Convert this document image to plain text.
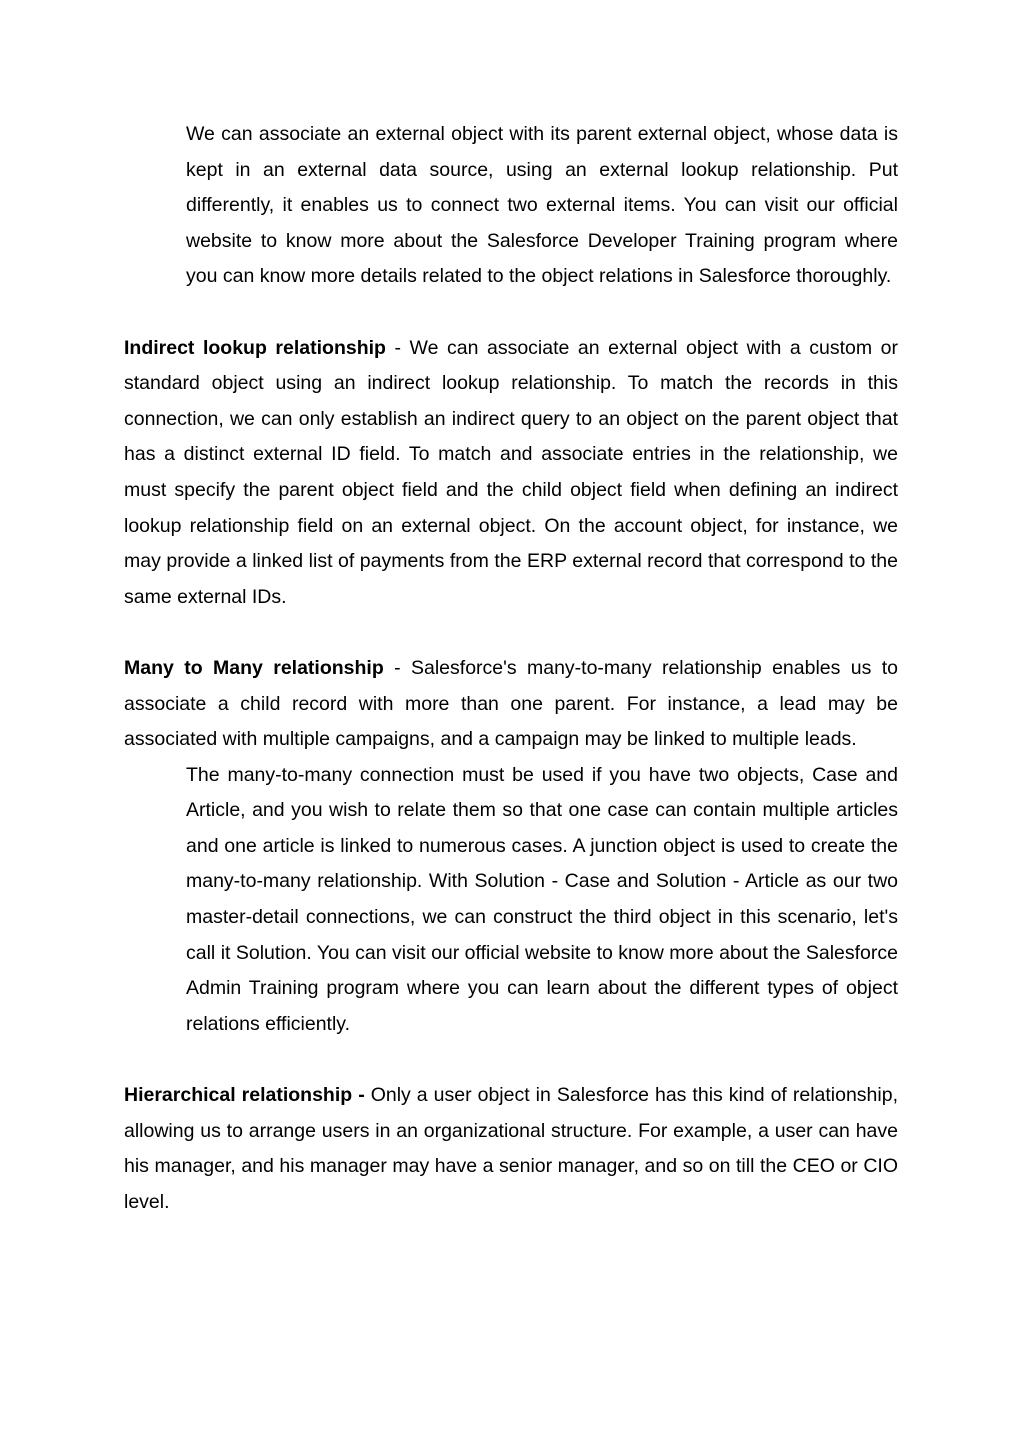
We can associate an external object with its parent external object, whose data is kept in an external data source, using an external lookup relationship. Put differently, it enables us to connect two external items. You can visit our official website to know more about the Salesforce Developer Training program where you can know more details related to the object relations in Salesforce thoroughly.

Indirect lookup relationship - We can associate an external object with a custom or standard object using an indirect lookup relationship. To match the records in this connection, we can only establish an indirect query to an object on the parent object that has a distinct external ID field. To match and associate entries in the relationship, we must specify the parent object field and the child object field when defining an indirect lookup relationship field on an external object. On the account object, for instance, we may provide a linked list of payments from the ERP external record that correspond to the same external IDs.

Many to Many relationship - Salesforce's many-to-many relationship enables us to associate a child record with more than one parent. For instance, a lead may be associated with multiple campaigns, and a campaign may be linked to multiple leads.

The many-to-many connection must be used if you have two objects, Case and Article, and you wish to relate them so that one case can contain multiple articles and one article is linked to numerous cases. A junction object is used to create the many-to-many relationship. With Solution - Case and Solution - Article as our two master-detail connections, we can construct the third object in this scenario, let's call it Solution. You can visit our official website to know more about the Salesforce Admin Training program where you can learn about the different types of object relations efficiently.

Hierarchical relationship - Only a user object in Salesforce has this kind of relationship, allowing us to arrange users in an organizational structure. For example, a user can have his manager, and his manager may have a senior manager, and so on till the CEO or CIO level.
